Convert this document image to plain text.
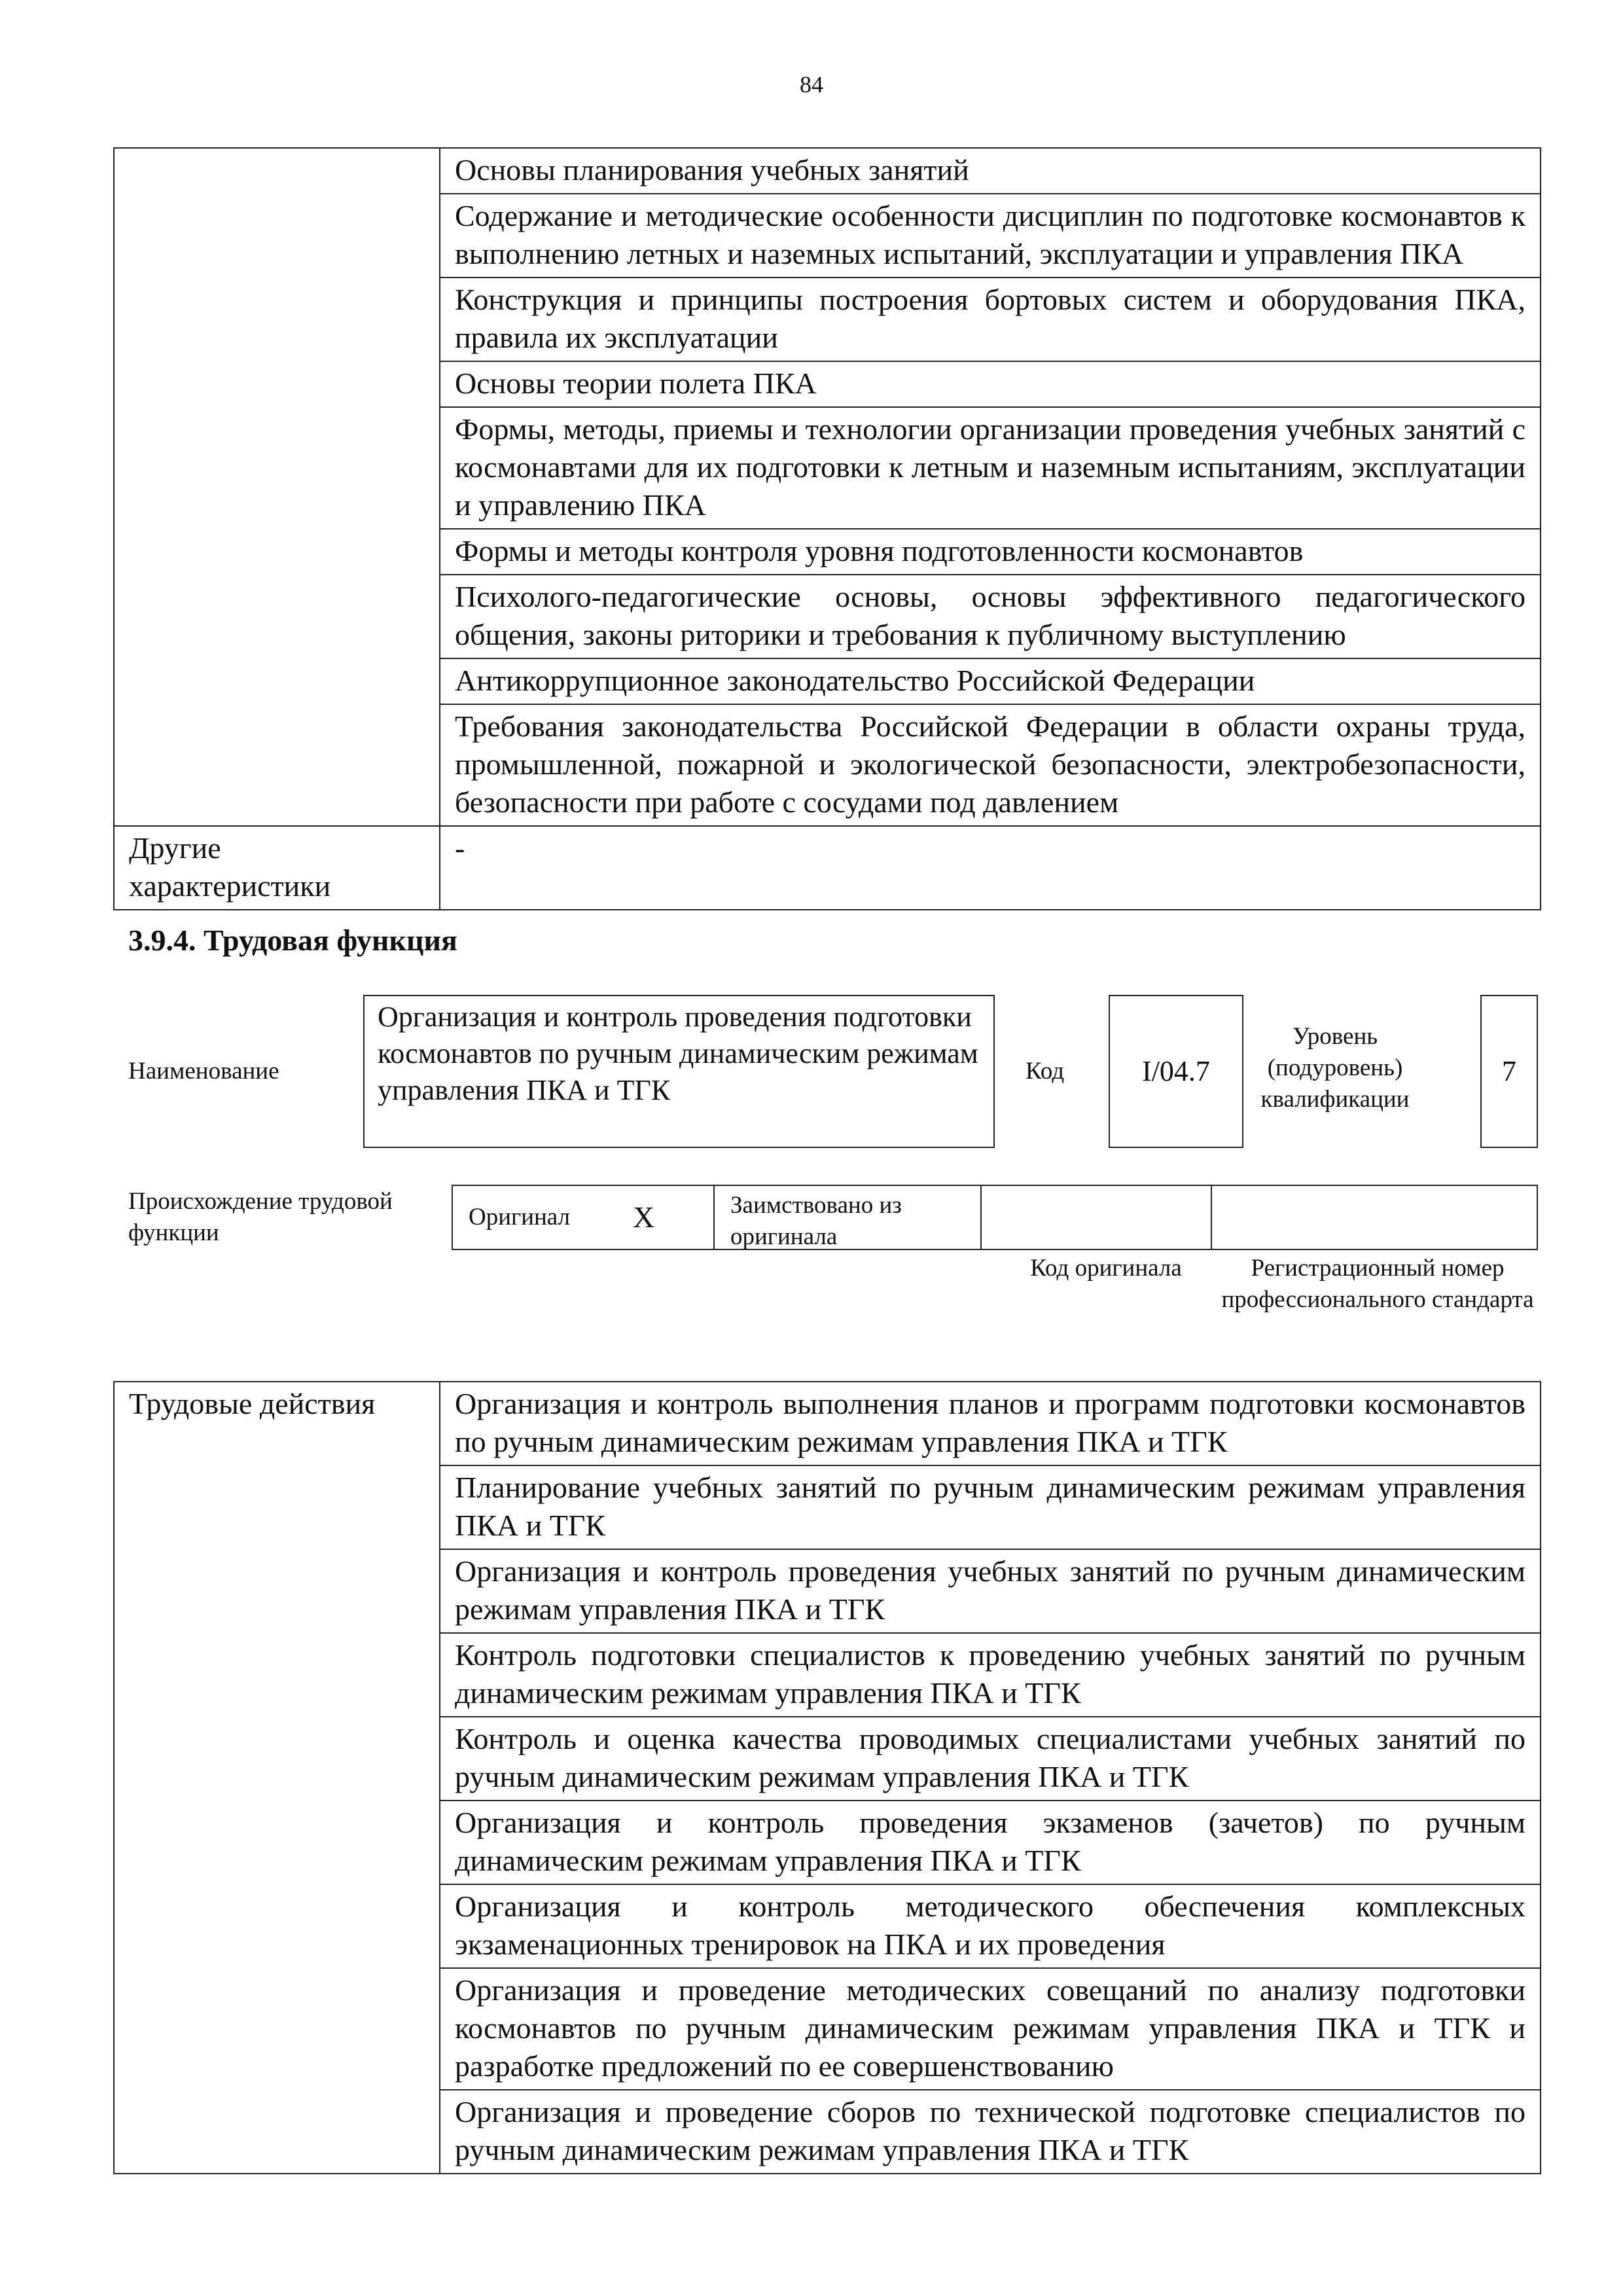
84
	Основы планирования учебных занятий
	Содержание и методические особенности дисциплин по подготовке космонавтов к выполнению летных и наземных испытаний, эксплуатации и управления ПКА
	Конструкция и принципы построения бортовых систем и оборудования ПКА, правила их эксплуатации
	Основы теории полета ПКА
	Формы, методы, приемы и технологии организации проведения учебных занятий с космонавтами для их подготовки к летным и наземным испытаниям, эксплуатации и управлению ПКА
	Формы и методы контроля уровня подготовленности космонавтов
	Психолого-педагогические основы, основы эффективного педагогического общения, законы риторики и требования к публичному выступлению
	Антикоррупционное законодательство Российской Федерации
	Требования законодательства Российской Федерации в области охраны труда, промышленной, пожарной и экологической безопасности, электробезопасности, безопасности при работе с сосудами под давлением
Другие характеристики	-
3.9.4. Трудовая функция
Наименование
Организация и контроль проведения подготовки космонавтов по ручным динамическим режимам управления ПКА и ТГК
Код	I/04.7
Уровень (подуровень) квалификации
7
Происхождение трудовой функции
Оригинал X	Заимствовано из оригинала
Код оригинала	Регистрационный номер профессионального стандарта
Трудовые действия	Организация и контроль выполнения планов и программ подготовки космонавтов по ручным динамическим режимам управления ПКА и ТГК
Планирование учебных занятий по ручным динамическим режимам управления ПКА и ТГК
Организация и контроль проведения учебных занятий по ручным динамическим режимам управления ПКА и ТГК
Контроль подготовки специалистов к проведению учебных занятий по ручным динамическим режимам управления ПКА и ТГК
Контроль и оценка качества проводимых специалистами учебных занятий по ручным динамическим режимам управления ПКА и ТГК
Организация и контроль проведения экзаменов (зачетов) по ручным динамическим режимам управления ПКА и ТГК
Организация и контроль методического обеспечения комплексных экзаменационных тренировок на ПКА и их проведения
Организация и проведение методических совещаний по анализу подготовки космонавтов по ручным динамическим режимам управления ПКА и ТГК и разработке предложений по ее совершенствованию
Организация и проведение сборов по технической подготовке специалистов по ручным динамическим режимам управления ПКА и ТГК
